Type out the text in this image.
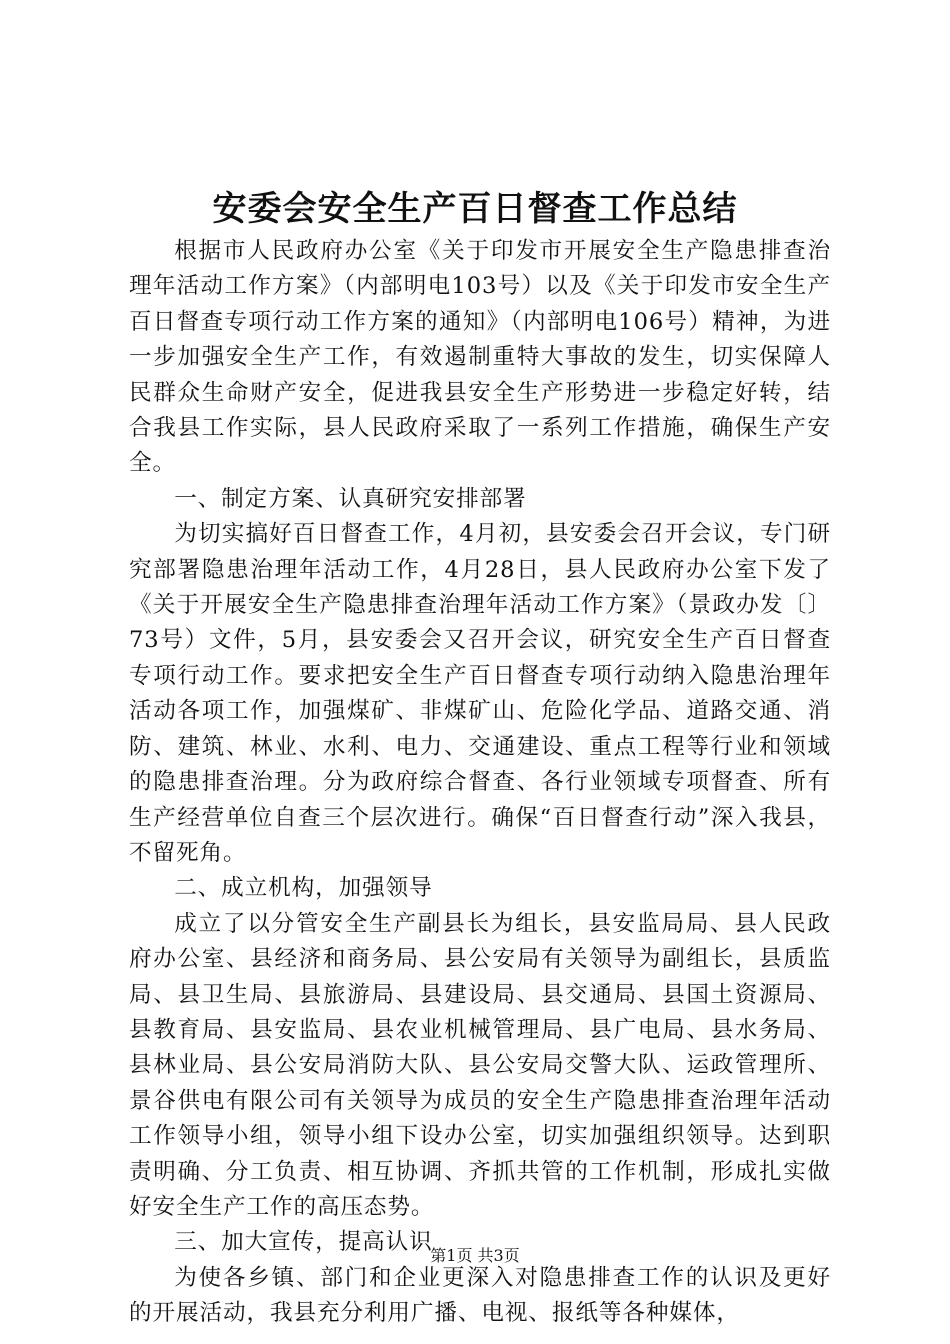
安委会安全生产百日督查工作总结

根据市人民政府办公室《关于印发市开展安全生产隐患排查治理年活动工作方案》（内部明电103号）以及《关于印发市安全生产百日督查专项行动工作方案的通知》（内部明电106号）精神，为进一步加强安全生产工作，有效遏制重特大事故的发生，切实保障人民群众生命财产安全，促进我县安全生产形势进一步稳定好转，结合我县工作实际，县人民政府采取了一系列工作措施，确保生产安全。

一、制定方案、认真研究安排部署

为切实搞好百日督查工作，4月初，县安委会召开会议，专门研究部署隐患治理年活动工作，4月28日，县人民政府办公室下发了《关于开展安全生产隐患排查治理年活动工作方案》（景政办发〔〕73号）文件，5月，县安委会又召开会议，研究安全生产百日督查专项行动工作。要求把安全生产百日督查专项行动纳入隐患治理年活动各项工作，加强煤矿、非煤矿山、危险化学品、道路交通、消防、建筑、林业、水利、电力、交通建设、重点工程等行业和领域的隐患排查治理。分为政府综合督查、各行业领域专项督查、所有生产经营单位自查三个层次进行。确保“百日督查行动”深入我县，不留死角。

二、成立机构，加强领导

成立了以分管安全生产副县长为组长，县安监局局、县人民政府办公室、县经济和商务局、县公安局有关领导为副组长，县质监局、县卫生局、县旅游局、县建设局、县交通局、县国土资源局、县教育局、县安监局、县农业机械管理局、县广电局、县水务局、县林业局、县公安局消防大队、县公安局交警大队、运政管理所、景谷供电有限公司有关领导为成员的安全生产隐患排查治理年活动工作领导小组，领导小组下设办公室，切实加强组织领导。达到职责明确、分工负责、相互协调、齐抓共管的工作机制，形成扎实做好安全生产工作的高压态势。

三、加大宣传，提高认识

为使各乡镇、部门和企业更深入对隐患排查工作的认识及更好的开展活动，我县充分利用广播、电视、报纸等各种媒体，

第1页 共3页
